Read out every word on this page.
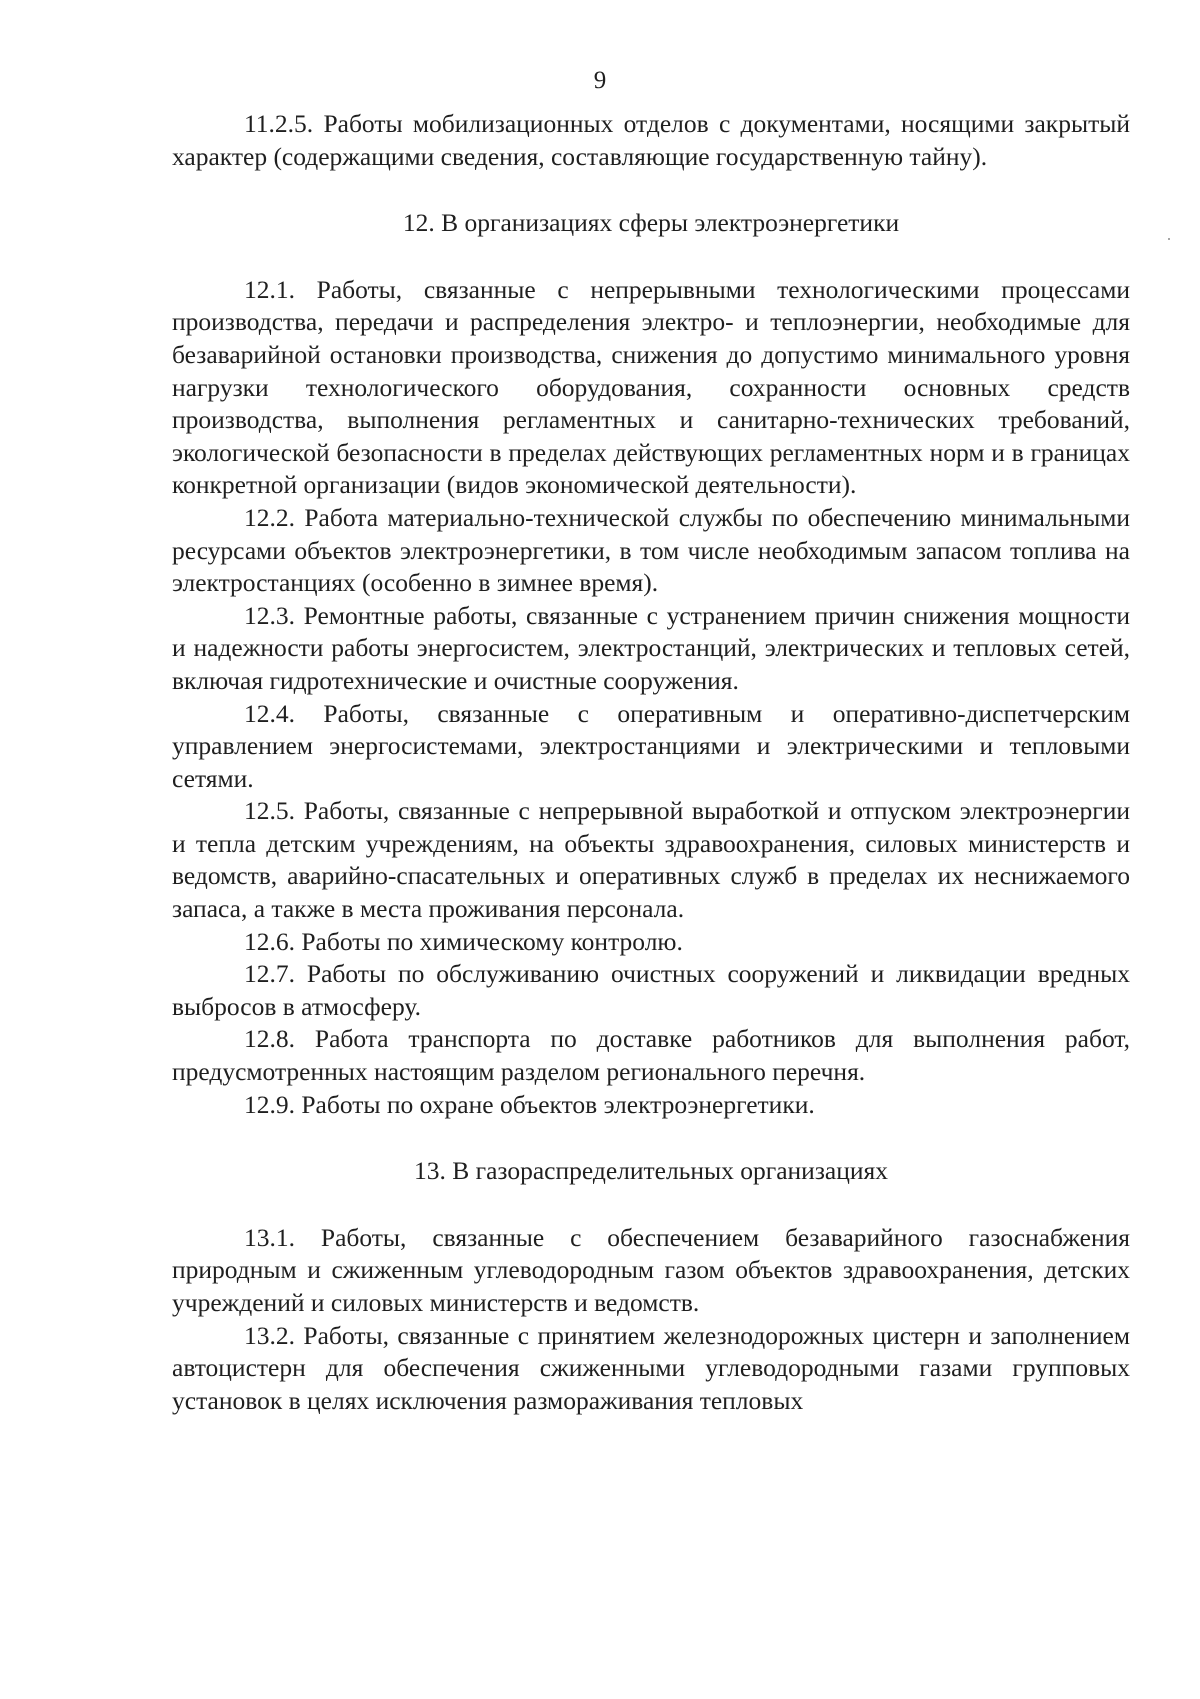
9

11.2.5. Работы мобилизационных отделов с документами, носящими закрытый характер (содержащими сведения, составляющие государственную тайну).

12. В организациях сферы электроэнергетики

12.1. Работы, связанные с непрерывными технологическими процессами производства, передачи и распределения электро- и теплоэнергии, необходимые для безаварийной остановки производства, снижения до допустимо минимального уровня нагрузки технологического оборудования, сохранности основных средств производства, выполнения регламентных и санитарно-технических требований, экологической безопасности в пределах действующих регламентных норм и в границах конкретной организации (видов экономической деятельности).

12.2. Работа материально-технической службы по обеспечению минимальными ресурсами объектов электроэнергетики, в том числе необходимым запасом топлива на электростанциях (особенно в зимнее время).

12.3. Ремонтные работы, связанные с устранением причин снижения мощности и надежности работы энергосистем, электростанций, электрических и тепловых сетей, включая гидротехнические и очистные сооружения.

12.4. Работы, связанные с оперативным и оперативно-диспетчерским управлением энергосистемами, электростанциями и электрическими и тепловыми сетями.

12.5. Работы, связанные с непрерывной выработкой и отпуском электроэнергии и тепла детским учреждениям, на объекты здравоохранения, силовых министерств и ведомств, аварийно-спасательных и оперативных служб в пределах их неснижаемого запаса, а также в места проживания персонала.

12.6. Работы по химическому контролю.

12.7. Работы по обслуживанию очистных сооружений и ликвидации вредных выбросов в атмосферу.

12.8. Работа транспорта по доставке работников для выполнения работ, предусмотренных настоящим разделом регионального перечня.

12.9. Работы по охране объектов электроэнергетики.

13. В газораспределительных организациях

13.1. Работы, связанные с обеспечением безаварийного газоснабжения природным и сжиженным углеводородным газом объектов здравоохранения, детских учреждений и силовых министерств и ведомств.

13.2. Работы, связанные с принятием железнодорожных цистерн и заполнением автоцистерн для обеспечения сжиженными углеводородными газами групповых установок в целях исключения размораживания тепловых
